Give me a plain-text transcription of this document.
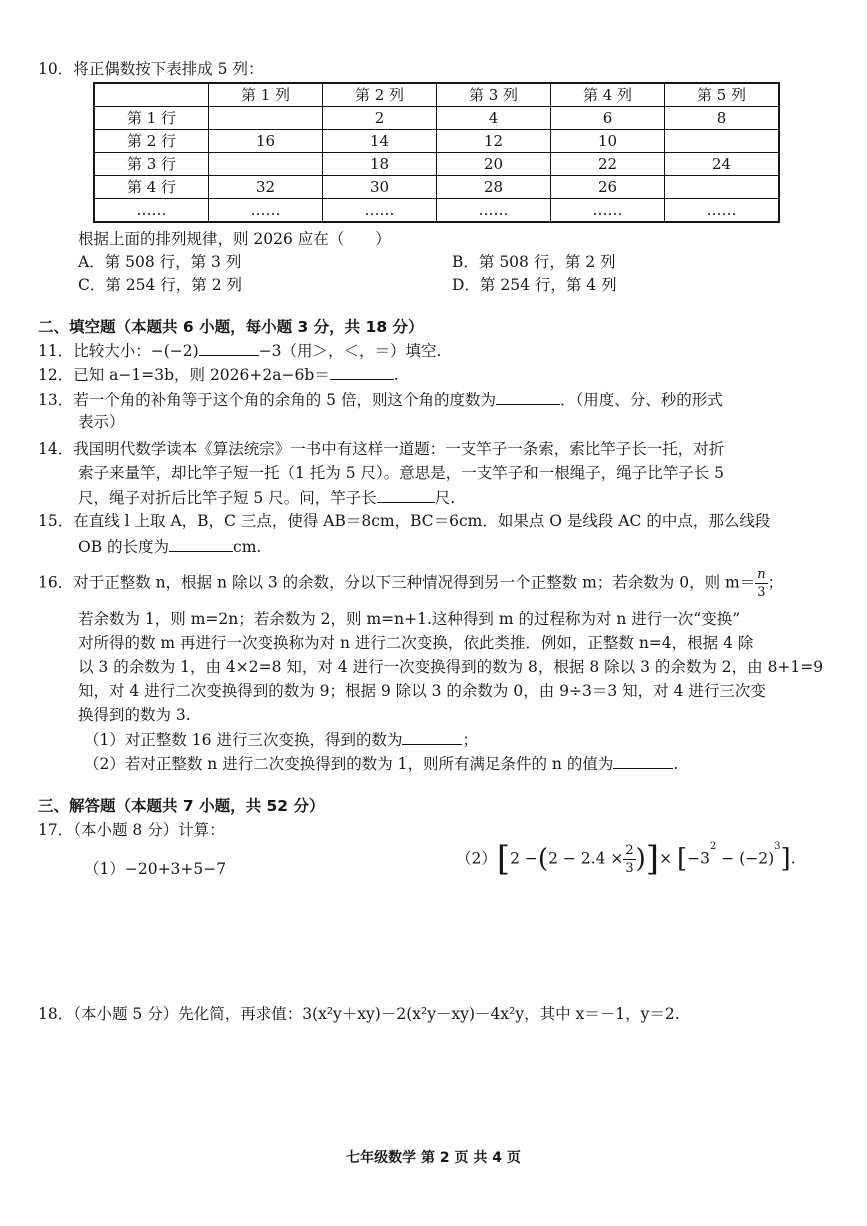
10．将正偶数按下表排成 5 列：
	第 1 列	第 2 列	第 3 列	第 4 列	第 5 列
第 1 行		2	4	6	8
第 2 行	16	14	12	10	
第 3 行		18	20	22	24
第 4 行	32	30	28	26	
……	……	……	……	……	……
根据上面的排列规律，则 2026 应在（　　）
A．第 508 行，第 3 列	B．第 508 行，第 2 列
C．第 254 行，第 2 列	D．第 254 行，第 4 列
二、填空题（本题共 6 小题，每小题 3 分，共 18 分）
11．比较大小：−(−2)	−3（用＞，＜，＝）填空.
12．已知 a−1=3b，则 2026+2a−6b＝	.
13．若一个角的补角等于这个角的余角的 5 倍，则这个角的度数为	．（用度、分、秒的形式
表示）
14．我国明代数学读本《算法统宗》一书中有这样一道题：一支竿子一条索，索比竿子长一托，对折
索子来量竿，却比竿子短一托（1 托为 5 尺）。意思是，一支竿子和一根绳子，绳子比竿子长 5
尺，绳子对折后比竿子短 5 尺。问，竿子长	尺.
15．在直线 l 上取 A，B，C 三点，使得 AB＝8cm，BC＝6cm．如果点 O 是线段 AC 的中点，那么线段
OB 的长度为	cm.
16．对于正整数 n，根据 n 除以 3 的余数，分以下三种情况得到另一个正整数 m；若余数为 0，则 $m= \frac{n}{3}$ ；
若余数为 1，则 m=2n；若余数为 2，则 m=n+1.这种得到 m 的过程称为对 n 进行一次“变换”
对所得的数 m 再进行一次变换称为对 n 进行二次变换，依此类推．例如，正整数 n=4，根据 4 除
以 3 的余数为 1，由 4×2=8 知，对 4 进行一次变换得到的数为 8，根据 8 除以 3 的余数为 2，由 8+1=9
知，对 4 进行二次变换得到的数为 9；根据 9 除以 3 的余数为 0，由 9÷3＝3 知，对 4 进行三次变
换得到的数为 3.
（1）对正整数 16 进行三次变换，得到的数为	；
（2）若对正整数 n 进行二次变换得到的数为 1，则所有满足条件的 n 的值为	.
三、解答题（本题共 7 小题，共 52 分）
17．（本小题 8 分）计算：
（1）−20+3+5−7
$(2)[2 -(2 - 2.4 \times \frac{2}{3}$ )]× $[-3^2 - (-2)^3]$.
18．（本小题 5 分）先化简，再求值：3(x²y＋xy)－2(x²y－xy)－4x²y，其中 x＝－1，y＝2.
七年级数学 第 2 页 共 4 页
